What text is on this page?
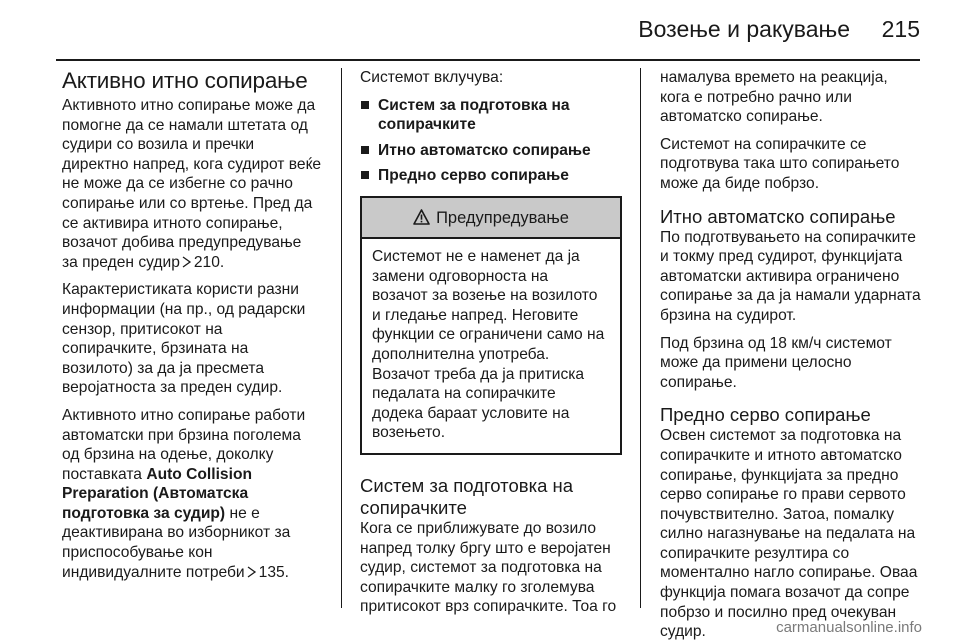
Возење и ракување 215
Активно итно сопирање

Активното итно сопирање може да
помогне да се намали штетата од
судири со возила и пречки
директно напред, кога судирот веќе
не може да се избегне со рачно
сопирање или со вртење. Пред да
се активира итното сопирање,
возачот добива предупредување
за преден судир 210.

Карактеристиката користи разни
информации (на пр., од радарски
сензор, притисокот на
сопирачките, брзината на
возилото) за да ја пресмета
веројатноста за преден судир.

Активното итно сопирање работи
автоматски при брзина поголема
од брзина на одење, доколку
поставката Auto Collision
Preparation (Автоматска
подготовка за судир) не е
деактивирана во изборникот за
приспособување кон
индивидуалните потреби 135.

Системот вклучува:

Систем за подготовка на
сопирачките
Итно автоматско сопирање
Предно серво сопирање
Предупредување

Системот не е наменет да ја
замени одговорноста на
возачот за возење на возилото
и гледање напред. Неговите
функции се ограничени само на
дополнителна употреба.

Возачот треба да ја притиска
педалата на сопирачките
додека бараат условите на
возењето.

Систем за подготовка на
сопирачките

Кога се приближувате до возило
напред толку бргу што е веројатен
судир, системот за подготовка на
сопирачките малку го зголемува
притисокот врз сопирачките. Тоа го

намалува времето на реакција,
кога е потребно рачно или
автоматско сопирање.

Системот на сопирачките се
подготвува така што сопирањето
може да биде побрзо.

Итно автоматско сопирање

По подготвувањето на сопирачките
и токму пред судирот, функцијата
автоматски активира ограничено
сопирање за да ја намали ударната
брзина на судирот.

Под брзина од 18 км/ч системот
може да примени целосно
сопирање.

Предно серво сопирање

Освен системот за подготовка на
сопирачките и итното автоматско
сопирање, функцијата за предно
серво сопирање го прави сервото
почувствително. Затоа, помалку
силно нагазнување на педалата на
сопирачките резултира со
моментално нагло сопирање. Оваа
функција помага возачот да сопре
побрзо и посилно пред очекуван
судир.	carmanualsonline.info
